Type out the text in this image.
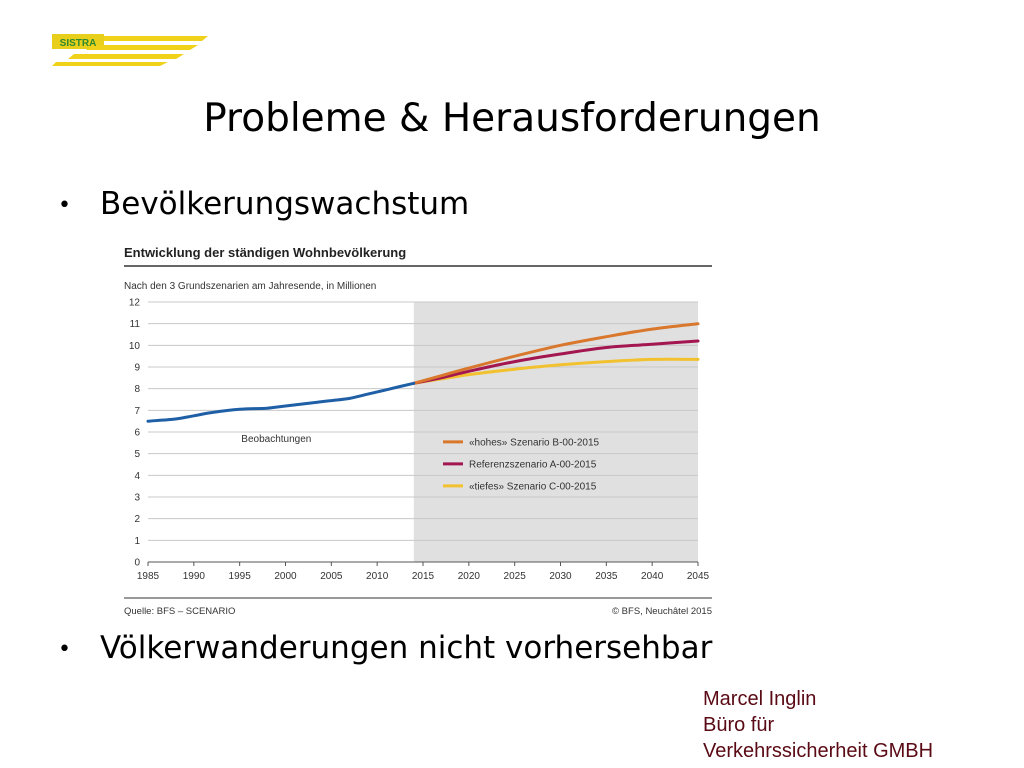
SISTRA
Probleme & Herausforderungen
• Bevölkerungswachstum
Entwicklung der ständigen Wohnbevölkerung
Nach den 3 Grundszenarien am Jahresende, in Millionen
0
1
2
3
4
5
6
7
8
9
10
11
12
1985 1990 1995 2000 2005 2010 2015 2020 2025 2030 2035 2040 2045
Beobachtungen	«hohes» Szenario B-00-2015
Referenzszenario A-00-2015
«tiefes» Szenario C-00-2015
Quelle: BFS – SCENARIO	© BFS, Neuchâtel 2015
• Völkerwanderungen nicht vorhersehbar
Marcel Inglin
Büro für
Verkehrssicherheit GMBH
